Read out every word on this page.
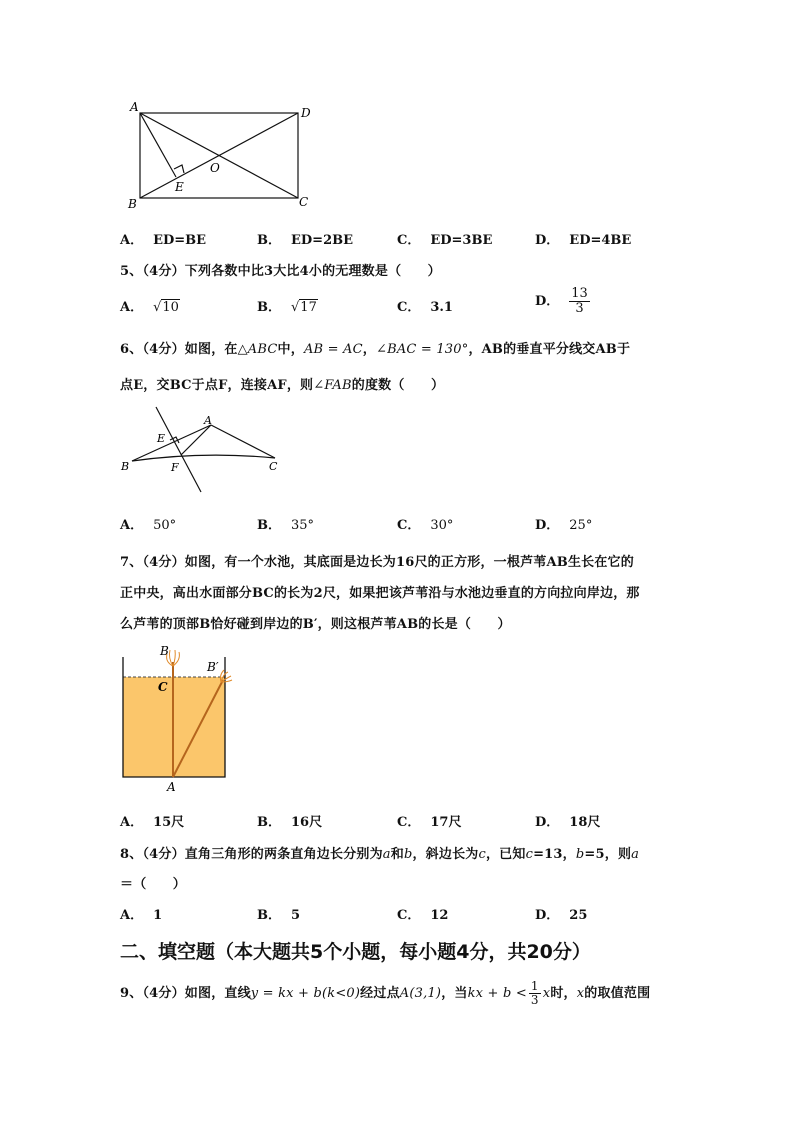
A	D
B	C
E
O
A． ED=BE	B． ED=2BE	C． ED=3BE	D． ED=4BE
5、（4分）下列各数中比3大比4小的无理数是（　　）
A． √10	B． √17	C． 3.1	D． $\frac{13}{3}$
6、（4分）如图，在△ABC中，AB = AC，∠BAC = 130°，AB的垂直平分线交AB于
点E，交BC于点F，连接AF，则∠FAB的度数（　　）
A
E
B	F	C
A． 50°	B． 35°	C． 30°	D． 25°
7、（4分）如图，有一个水池，其底面是边长为16尺的正方形，一根芦苇AB生长在它的
正中央，高出水面部分BC的长为2尺，如果把该芦苇沿与水池边垂直的方向拉向岸边，那
么芦苇的顶部B恰好碰到岸边的B′，则这根芦苇AB的长是（　　）
B
B′
C
A
A． 15尺	B． 16尺	C． 17尺	D． 18尺
8、（4分）直角三角形的两条直角边长分别为a和b，斜边长为c，已知c=13，b=5，则a
＝（　　）
A． 1	B． 5	C． 12	D． 25
二、填空题（本大题共5个小题，每小题4分，共20分）
9、（4分）如图，直线y = kx + b(k<0)经过点A(3,1)，当kx + $b < \frac{1}{3}$ x时，x的取值范围
